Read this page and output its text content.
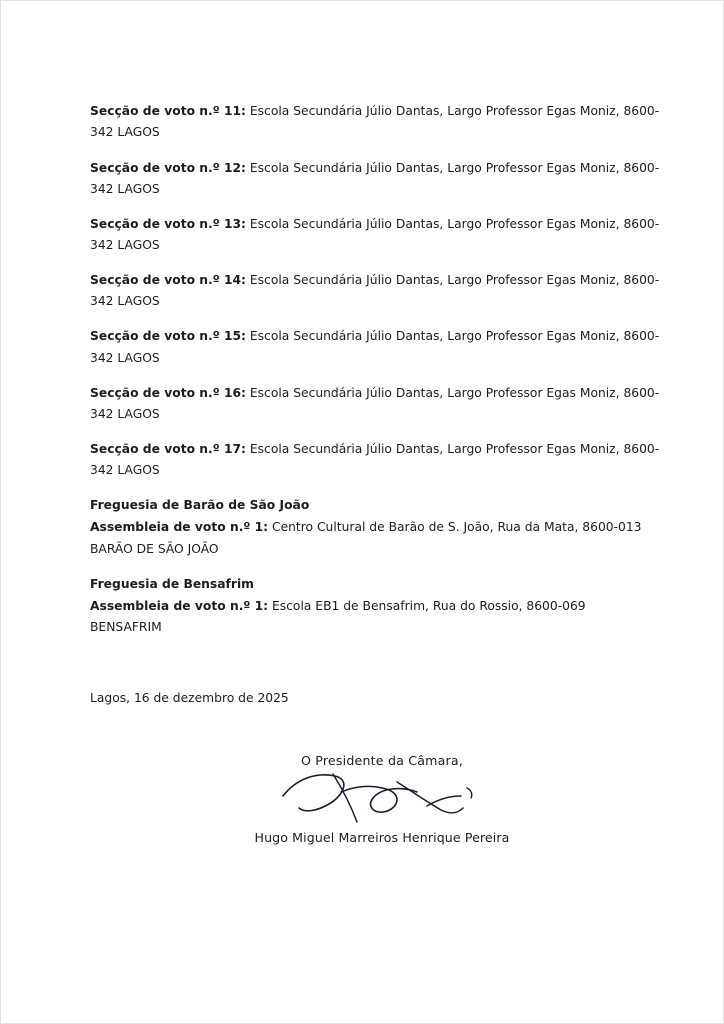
Secção de voto n.º 11: Escola Secundária Júlio Dantas, Largo Professor Egas Moniz, 8600-342 LAGOS

Secção de voto n.º 12: Escola Secundária Júlio Dantas, Largo Professor Egas Moniz, 8600-342 LAGOS

Secção de voto n.º 13: Escola Secundária Júlio Dantas, Largo Professor Egas Moniz, 8600-342 LAGOS

Secção de voto n.º 14: Escola Secundária Júlio Dantas, Largo Professor Egas Moniz, 8600-342 LAGOS

Secção de voto n.º 15: Escola Secundária Júlio Dantas, Largo Professor Egas Moniz, 8600-342 LAGOS

Secção de voto n.º 16: Escola Secundária Júlio Dantas, Largo Professor Egas Moniz, 8600-342 LAGOS

Secção de voto n.º 17: Escola Secundária Júlio Dantas, Largo Professor Egas Moniz, 8600-342 LAGOS

Freguesia de Barão de São João
Assembleia de voto n.º 1: Centro Cultural de Barão de S. João, Rua da Mata, 8600-013 BARÃO DE SÃO JOÃO
Freguesia de Bensafrim
Assembleia de voto n.º 1: Escola EB1 de Bensafrim, Rua do Rossio, 8600-069 BENSAFRIM
Lagos, 16 de dezembro de 2025
O Presidente da Câmara,
Hugo Miguel Marreiros Henrique Pereira
